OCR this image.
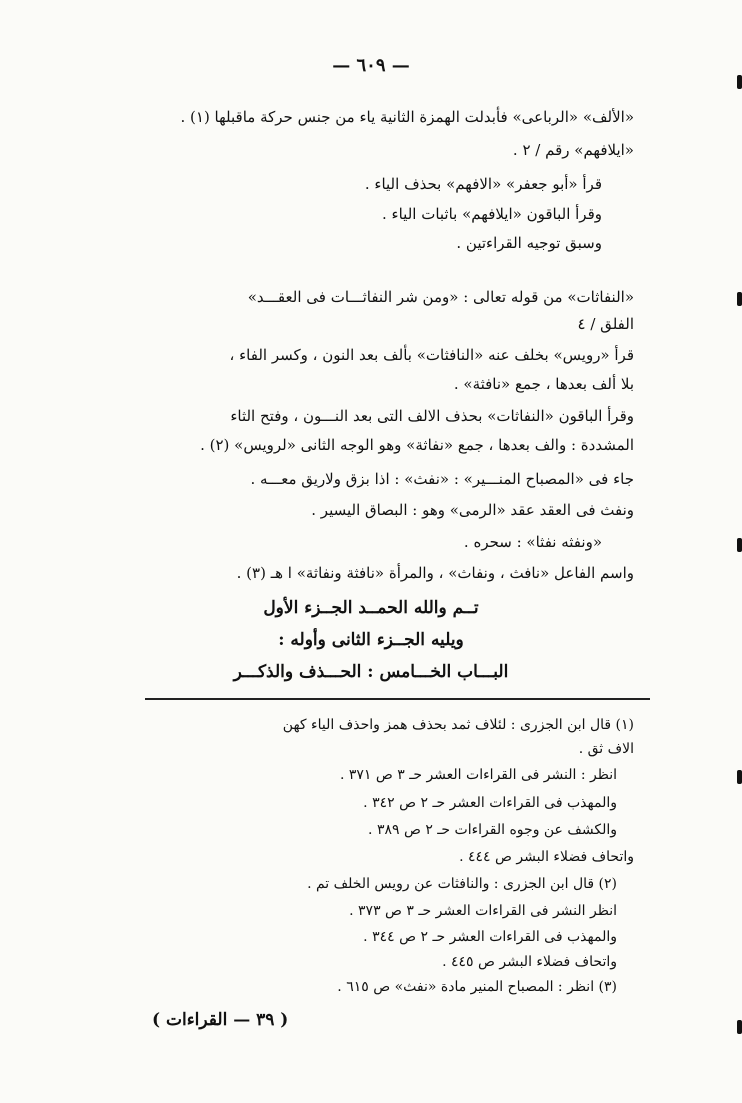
— ٦٠٩ —
«الألف» «الرباعى» فأبدلت الهمزة الثانية ياء من جنس حركة ماقبلها (١) .
«ايلافهم» رقم / ٢ .
قرأ «أبو جعفر» «الافهم» بحذف الياء .
وقرأ الباقون «ايلافهم» باثبات الياء .
وسبق توجيه القراءتين .
«النفاثات» من قوله تعالى : «ومن شر النفاثـــات فى العقـــد»
الفلق / ٤
قرأ «رويس» بخلف عنه «النافثات» بألف بعد النون ، وكسر الفاء ،
بلا ألف بعدها ، جمع «نافثة» .
وقرأ الباقون «النفاثات» بحذف الالف التى بعد النـــون ، وفتح الثاء
المشددة : والف بعدها ، جمع «نفاثة» وهو الوجه الثانى «لرويس» (٢) .
جاء فى «المصباح المنـــير» : «نفث» : اذا بزق ولاريق معـــه .
ونفث فى العقد عقد «الرمى» وهو : البصاق اليسير .
«ونفثه نفثا» : سحره .
واسم الفاعل «نافث ، ونفاث» ، والمرأة «نافثة ونفاثة» ا هـ (٣) .
تــم والله الحمــد الجــزء الأول
ويليه الجــزء الثانى وأوله :
البـــاب الخـــامس : الحـــذف والذكـــر
(١) قال ابن الجزرى : لئلاف ثمد بحذف همز واحذف الياء كهن
الاف ثق .
انظر : النشر فى القراءات العشر حـ ٣ ص ٣٧١ .
والمهذب فى القراءات العشر حـ ٢ ص ٣٤٢ .
والكشف عن وجوه القراءات حـ ٢ ص ٣٨٩ .
واتحاف فضلاء البشر ص ٤٤٤ .
(٢) قال ابن الجزرى : والنافثات عن رويس الخلف تم .
انظر النشر فى القراءات العشر حـ ٣ ص ٣٧٣ .
والمهذب فى القراءات العشر حـ ٢ ص ٣٤٤ .
واتحاف فضلاء البشر ص ٤٤٥ .
(٣) انظر : المصباح المنير مادة «نفث» ص ٦١٥ .
( ٣٩ — القراءات )
